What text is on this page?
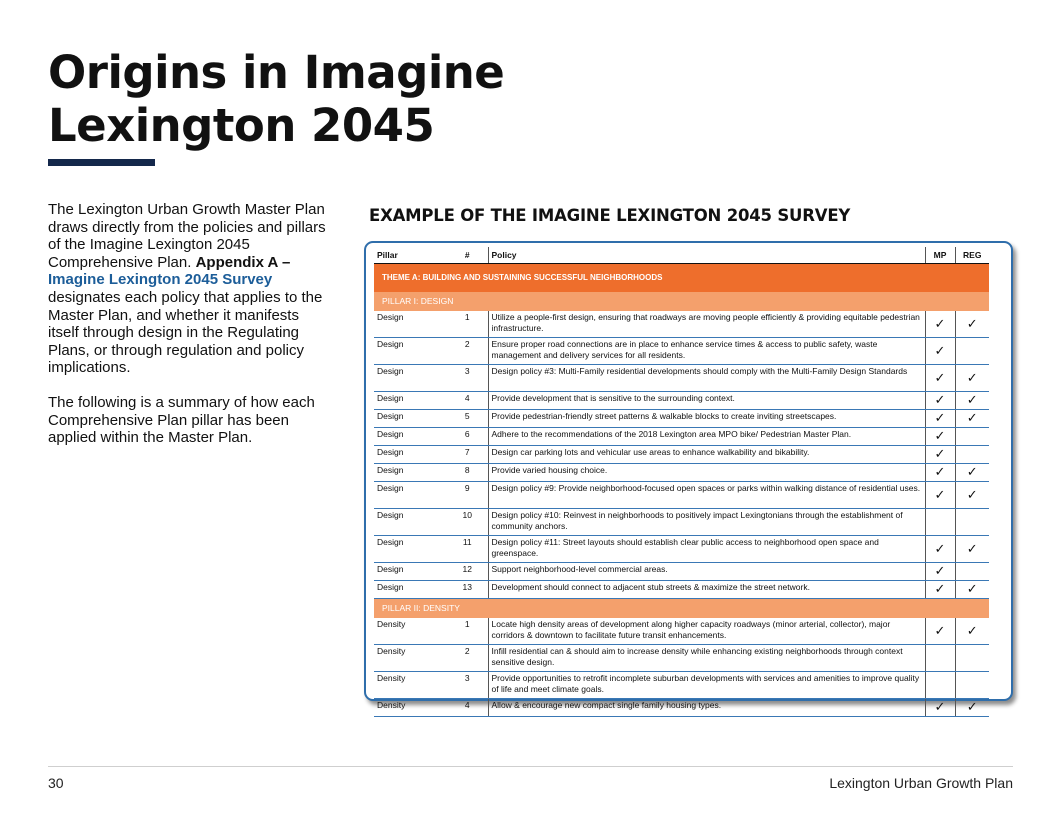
Origins in Imagine
Lexington 2045

The Lexington Urban Growth Master Plan draws directly from the policies and pillars of the Imagine Lexington 2045 Comprehensive Plan. Appendix A – Imagine Lexington 2045 Survey designates each policy that applies to the Master Plan, and whether it manifests itself through design in the Regulating Plans, or through regulation and policy implications.

The following is a summary of how each Comprehensive Plan pillar has been applied within the Master Plan.

EXAMPLE OF THE IMAGINE LEXINGTON 2045 SURVEY
Pillar	#	Policy	MP	REG
THEME A: BUILDING AND SUSTAINING SUCCESSFUL NEIGHBORHOODS				
PILLAR I: DESIGN				
Design	1	Utilize a people-first design, ensuring that roadways are moving people efficiently & providing equitable pedestrian infrastructure.	✓	✓
Design	2	Ensure proper road connections are in place to enhance service times & access to public safety, waste management and delivery services for all residents.	✓	
Design	3	Design policy #3: Multi-Family residential developments should comply with the Multi-Family Design Standards	✓	✓
Design	4	Provide development that is sensitive to the surrounding context.	✓	✓
Design	5	Provide pedestrian-friendly street patterns & walkable blocks to create inviting streetscapes.	✓	✓
Design	6	Adhere to the recommendations of the 2018 Lexington area MPO bike/ Pedestrian Master Plan.	✓	
Design	7	Design car parking lots and vehicular use areas to enhance walkability and bikability.	✓	
Design	8	Provide varied housing choice.	✓	✓
Design	9	Design policy #9: Provide neighborhood-focused open spaces or parks within walking distance of residential uses.	✓	✓
Design	10	Design policy #10: Reinvest in neighborhoods to positively impact Lexingtonians through the establishment of community anchors.		
Design	11	Design policy #11: Street layouts should establish clear public access to neighborhood open space and greenspace.	✓	✓
Design	12	Support neighborhood-level commercial areas.	✓	
Design	13	Development should connect to adjacent stub streets & maximize the street network.	✓	✓
PILLAR II: DENSITY				
Density	1	Locate high density areas of development along higher capacity roadways (minor arterial, collector), major corridors & downtown to facilitate future transit enhancements.	✓	✓
Density	2	Infill residential can & should aim to increase density while enhancing existing neighborhoods through context sensitive design.		
Density	3	Provide opportunities to retrofit incomplete suburban developments with services and amenities to improve quality of life and meet climate goals.		
Density	4	Allow & encourage new compact single family housing types.	✓	✓
30	Lexington Urban Growth Plan
